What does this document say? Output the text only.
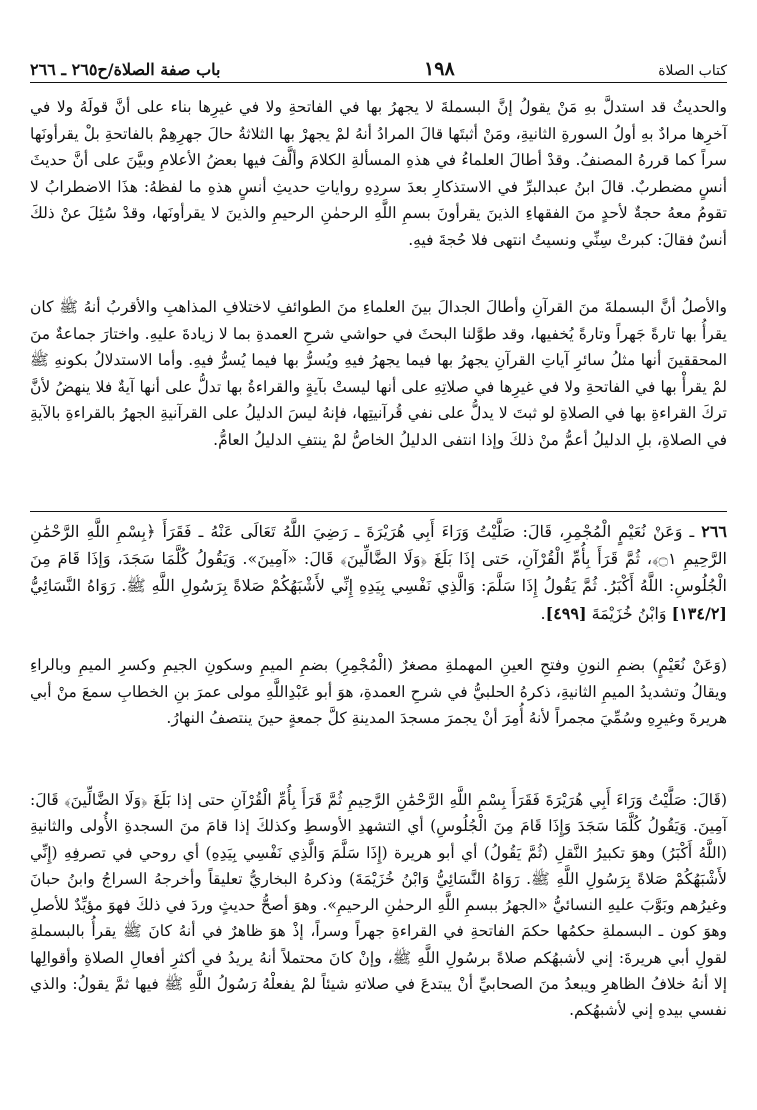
كتاب الصلاة
١٩٨
باب صفة الصلاة/ح٢٦٥ ـ ٢٦٦

والحديثُ قد استدلَّ بهِ مَنْ يقولُ إنَّ البسملةَ لا يجهرُ بها في الفاتحةِ ولا في غيرِها بناء على أنَّ قولَهُ ولا في آخرِها مرادٌ بهِ أولُ السورةِ الثانيةِ، ومَنْ أثبتَها قالَ المرادُ أنهُ لمْ يجهرْ بها الثلاثةُ حالَ جهرِهِمْ بالفاتحةِ بلْ يقرأونَها سراً كما قررهُ المصنفُ. وقدْ أطالَ العلماءُ في هذهِ المسألةِ الكلامَ وألَّفَ فيها بعضُ الأعلامِ وبيَّنَ على أنَّ حديثَ أنسٍ مضطربٌ. قالَ ابنُ عبدالبرِّ في الاستذكارِ بعدَ سردِهِ رواياتِ حديثِ أنسٍ هذهِ ما لفظهُ: هذَا الاضطرابُ لا تقومُ معهُ حجةٌ لأحدٍ منَ الفقهاءِ الذينَ يقرأونَ بسمِ اللَّهِ الرحمٰنِ الرحيمِ والذينَ لا يقرأونَها، وقدْ سُئِلَ عنْ ذلكَ أنسٌ فقالَ: كبرتْ سِنِّي ونسيتُ انتهى فلا حُجةَ فيهِ.

والأصلُ أنَّ البسملةَ منَ القرآنِ وأطالَ الجدالَ بينَ العلماءِ منَ الطوائفِ لاختلافِ المذاهبِ والأقربُ أنهُ ﷺ كان يقرأُ بها تارةً جَهراً وتارةً يُخفيها، وقد طوَّلنا البحثَ في حواشي شرحِ العمدةِ بما لا زيادةَ عليهِ. واختارَ جماعةٌ منَ المحققينَ أنها مثلُ سائرِ آياتِ القرآنِ يجهرُ بها فيما يجهرُ فيهِ ويُسرُّ بها فيما يُسرُّ فيهِ. وأما الاستدلالُ بكونهِ ﷺ لمْ يقرأْ بها في الفاتحةِ ولا في غيرِها في صلاتِهِ على أنها ليستْ بآيةٍ والقراءةُ بها تدلُّ على أنها آيةٌ فلا ينهضُ لأنَّ تركَ القراءةِ بها في الصلاةِ لو ثبتَ لا يدلُّ على نفي قُرآنيتِها، فإنهُ ليسَ الدليلُ على القرآنيةِ الجهرُ بالقراءةِ بالآيةِ في الصلاةِ، بلِ الدليلُ أعمُّ منْ ذلكَ وإذا انتفى الدليلُ الخاصُّ لمْ ينتفِ الدليلُ العامُّ.

٢٦٦ ـ وَعَنْ نُعَيْمٍ الْمُجْمِرِ، قَالَ: صَلَّيْتُ وَرَاءَ أَبِي هُرَيْرَةَ ـ رَضِيَ اللَّهُ تَعَالَى عَنْهُ ـ فَقَرَأَ ﴿بِسْمِ اللَّهِ الرَّحْمَٰنِ الرَّحِيمِ ۝١﴾، ثُمَّ قَرَأَ بِأُمِّ الْقُرْآنِ، حَتى إذَا بَلَغَ ﴿وَلَا الضَّالِّينَ﴾ قَالَ: «آمِينَ». وَيَقُولُ كُلَّمَا سَجَدَ، وَإذَا قَامَ مِنَ الْجُلُوسِ: اللَّهُ أَكْبَرُ. ثُمَّ يَقُولُ إِذَا سَلَّمَ: وَالَّذِي نَفْسِي بِيَدِهِ إِنِّي لأَشْبَهُكُمْ صَلاةً بِرَسُولِ اللَّهِ ﷺ. رَوَاهُ النَّسَائِيُّ [١٣٤/٢] وَابْنُ خُزَيْمَةَ [٤٩٩].

(وَعَنْ نُعَيْمٍ) بضمِ النونِ وفتحِ العينِ المهملةِ مصغرٌ (الْمُجْمِرِ) بضمِ الميمِ وسكونِ الجيمِ وكسرِ الميمِ وبالراءِ ويقالُ وتشديدُ الميمِ الثانيةِ، ذكرهُ الحلبيُّ في شرحِ العمدةِ، هوَ أبو عَبْدِاللَّهِ مولى عمرَ بنِ الخطابِ سمعَ منْ أبي هريرةَ وغيرِهِ وسُمِّيَ مجمراً لأنهُ أُمِرَ أنْ يجمرَ مسجدَ المدينةِ كلَّ جمعةٍ حينَ ينتصفُ النهارُ.

(قَالَ: صَلَّيْتُ وَرَاءَ أَبِي هُرَيْرَةَ فَقَرَأَ بِسْمِ اللَّهِ الرَّحْمَٰنِ الرَّحِيمِ ثُمَّ قَرَأَ بِأُمِّ الْقُرْآنِ حتى إذا بَلَغَ ﴿وَلَا الضَّالِّينَ﴾ قَالَ: آمِينَ. وَيَقُولُ كُلَّمَا سَجَدَ وَإِذَا قَامَ مِنَ الْجُلُوسِ) أي التشهدِ الأوسطِ وكذلكَ إذا قامَ منَ السجدةِ الأُولى والثانيةِ (اللَّهُ أَكْبَرُ) وهوَ تكبيرُ النَّقلِ (ثُمَّ يَقُولُ) أي أبو هريرة (إِذَا سَلَّمَ وَالَّذِي نَفْسِي بِيَدِهِ) أي روحي في تصرفِهِ (إِنِّي لأَشْبَهُكُمْ صَلاةً بِرَسُولِ اللَّهِ ﷺ. رَوَاهُ النَّسَائِيُّ وَابْنُ خُزَيْمَةَ) وذكرهُ البخاريُّ تعليقاً وأخرجهُ السراجُ وابنُ حبانَ وغيرُهم وبَوَّبَ عليهِ النسائيُّ «الجهرُ ببسمِ اللَّهِ الرحمٰنِ الرحيمِ». وهوَ أصحُّ حديثٍ وردَ في ذلكَ فهوَ مؤيِّدٌ للأصلِ وهوَ كون ـ البسملةِ حكمُها حكمَ الفاتحةِ في القراءةِ جهراً وسراً، إذْ هوَ ظاهرٌ في أنهُ كانَ ﷺ يقرأُ بالبسملةِ لقولِ أبي هريرةَ: إني لأشبهُكم صلاةً برسُولِ اللَّهِ ﷺ، وإنْ كانَ محتملاً أنهُ يريدُ في أكثرِ أفعالِ الصلاةِ وأقوالِها إلا أنهُ خلافُ الظاهرِ ويبعدُ منَ الصحابيِّ أنْ يبتدعَ في صلاتهِ شيئاً لمْ يفعلْهُ رَسُولُ اللَّهِ ﷺ فيها ثمَّ يقولُ: والذي نفسي بيدهِ إني لأشبهُكم.
